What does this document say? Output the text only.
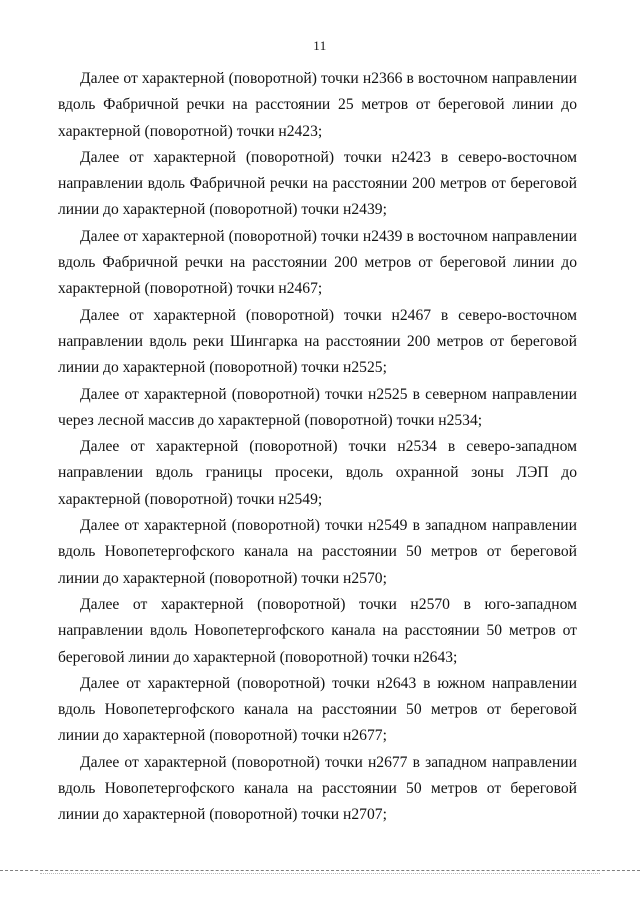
11

Далее от характерной (поворотной) точки н2366 в восточном направлении вдоль Фабричной речки на расстоянии 25 метров от береговой линии до характерной (поворотной) точки н2423;

Далее от характерной (поворотной) точки н2423 в северо-восточном направлении вдоль Фабричной речки на расстоянии 200 метров от береговой линии до характерной (поворотной) точки н2439;

Далее от характерной (поворотной) точки н2439 в восточном направлении вдоль Фабричной речки на расстоянии 200 метров от береговой линии до характерной (поворотной) точки н2467;

Далее от характерной (поворотной) точки н2467 в северо-восточном направлении вдоль реки Шингарка на расстоянии 200 метров от береговой линии до характерной (поворотной) точки н2525;

Далее от характерной (поворотной) точки н2525 в северном направлении через лесной массив до характерной (поворотной) точки н2534;

Далее от характерной (поворотной) точки н2534 в северо-западном направлении вдоль границы просеки, вдоль охранной зоны ЛЭП до характерной (поворотной) точки н2549;

Далее от характерной (поворотной) точки н2549 в западном направлении вдоль Новопетергофского канала на расстоянии 50 метров от береговой линии до характерной (поворотной) точки н2570;

Далее от характерной (поворотной) точки н2570 в юго-западном направлении вдоль Новопетергофского канала на расстоянии 50 метров от береговой линии до характерной (поворотной) точки н2643;

Далее от характерной (поворотной) точки н2643 в южном направлении вдоль Новопетергофского канала на расстоянии 50 метров от береговой линии до характерной (поворотной) точки н2677;

Далее от характерной (поворотной) точки н2677 в западном направлении вдоль Новопетергофского канала на расстоянии 50 метров от береговой линии до характерной (поворотной) точки н2707;
